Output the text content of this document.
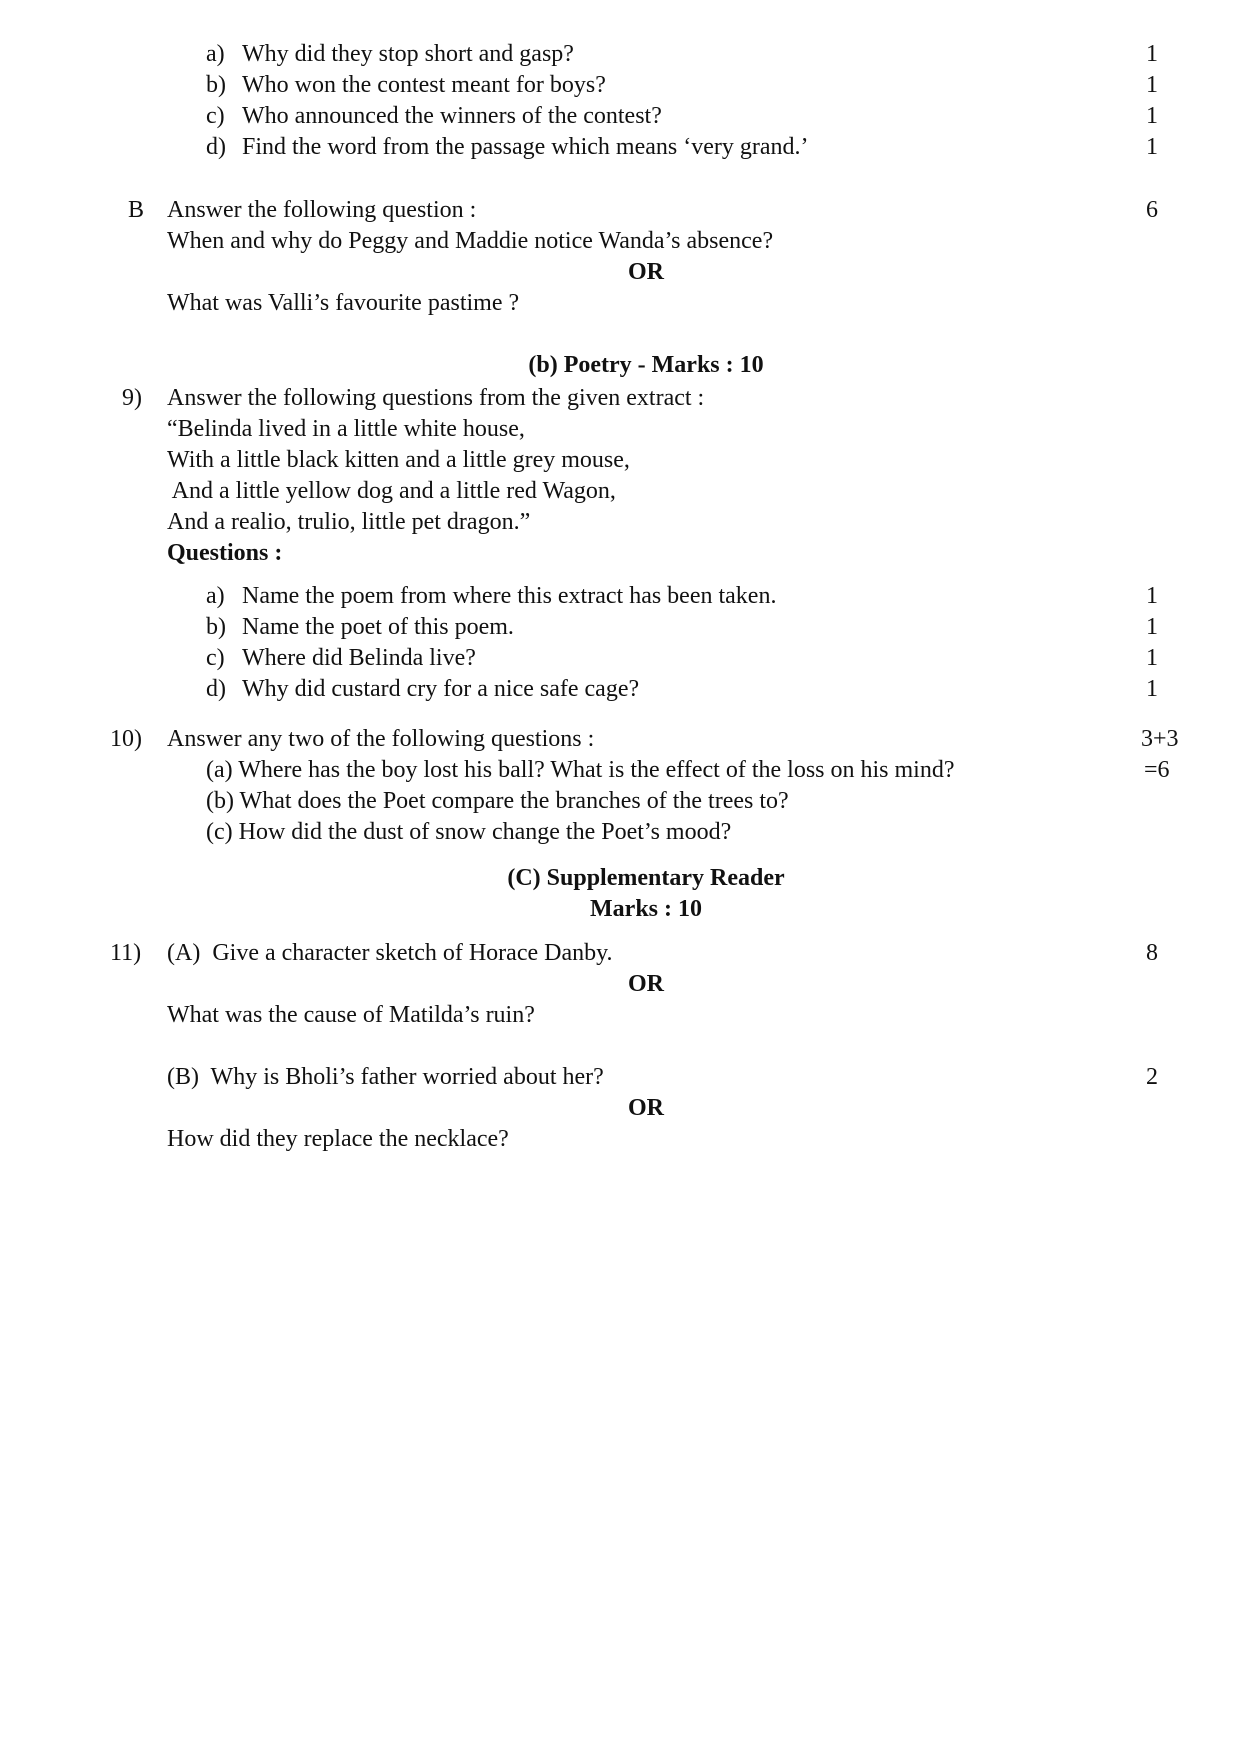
a) Why did they stop short and gasp?	1
b) Who won the contest meant for boys?	1
c) Who announced the winners of the contest?	1
d) Find the word from the passage which means ‘very grand.’	1
B Answer the following question :	6
When and why do Peggy and Maddie notice Wanda’s absence?
OR
What was Valli’s favourite pastime ?
(b) Poetry - Marks : 10
9) Answer the following questions from the given extract :
“Belinda lived in a little white house,
With a little black kitten and a little grey mouse,
And a little yellow dog and a little red Wagon,
And a realio, trulio, little pet dragon.”
Questions :
a) Name the poem from where this extract has been taken.	1
b) Name the poet of this poem.	1
c) Where did Belinda live?	1
d) Why did custard cry for a nice safe cage?	1
10) Answer any two of the following questions :	3+3
(a) Where has the boy lost his ball? What is the effect of the loss on his mind?	=6
(b) What does the Poet compare the branches of the trees to?
(c) How did the dust of snow change the Poet’s mood?
(C) Supplementary Reader
Marks : 10
11) (A)  Give a character sketch of Horace Danby.	8
OR
What was the cause of Matilda’s ruin?
(B)  Why is Bholi’s father worried about her?	2
OR
How did they replace the necklace?
